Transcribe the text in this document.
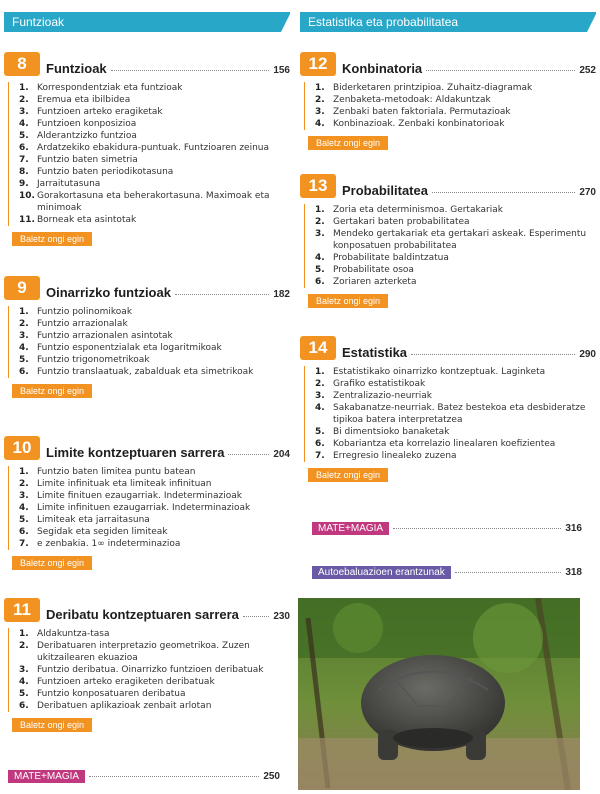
Funtzioak
8	Funtzioak	156
1. Korrespondentziak eta funtzioak
2. Eremua eta ibilbidea
3. Funtzioen arteko eragiketak
4. Funtzioen konposizioa
5. Alderantzizko funtzioa
6. Ardatzekiko ebakidura-puntuak. Funtzioaren zeinua
7. Funtzio baten simetria
8. Funtzio baten periodikotasuna
9. Jarraitutasuna
10. Gorakortasuna eta beherakortasuna. Maximoak eta minimoak
11. Borneak eta asintotak
Baletz ongi egin
9	Oinarrizko funtzioak	182
1. Funtzio polinomikoak
2. Funtzio arrazionalak
3. Funtzio arrazionalen asintotak
4. Funtzio esponentzialak eta logaritmikoak
5. Funtzio trigonometrikoak
6. Funtzio translaatuak, zabalduak eta simetrikoak
Baletz ongi egin
10	Limite kontzeptuaren sarrera	204
1. Funtzio baten limitea puntu batean
2. Limite infinituak eta limiteak infinituan
3. Limite finituen ezaugarriak. Indeterminazioak
4. Limite infinituen ezaugarriak. Indeterminazioak
5. Limiteak eta jarraitasuna
6. Segidak eta segiden limiteak
7. e zenbakia. 1∞ indeterminazioa
Baletz ongi egin
11	Deribatu kontzeptuaren sarrera	230
1. Aldakuntza-tasa
2. Deribatuaren interpretazio geometrikoa. Zuzen ukitzailearen ekuazioa
3. Funtzio deribatua. Oinarrizko funtzioen deribatuak
4. Funtzioen arteko eragiketen deribatuak
5. Funtzio konposatuaren deribatua
6. Deribatuen aplikazioak zenbait arlotan
Baletz ongi egin
MATE+MAGIA	250
Estatistika eta probabilitatea
12	Konbinatoria	252
1. Biderketaren printzipioa. Zuhaitz-diagramak
2. Zenbaketa-metodoak: Aldakuntzak
3. Zenbaki baten faktoriala. Permutazioak
4. Konbinazioak. Zenbaki konbinatorioak
Baletz ongi egin
13	Probabilitatea	270
1. Zoria eta determinismoa. Gertakariak
2. Gertakari baten probabilitatea
3. Mendeko gertakariak eta gertakari askeak. Esperimentu konposatuen probabilitatea
4. Probabilitate baldintzatua
5. Probabilitate osoa
6. Zoriaren azterketa
Baletz ongi egin
14	Estatistika	290
1. Estatistikako oinarrizko kontzeptuak. Laginketa
2. Grafiko estatistikoak
3. Zentralizazio-neurriak
4. Sakabanatze-neurriak. Batez bestekoa eta desbideratze tipikoa batera interpretatzea
5. Bi dimentsioko banaketak
6. Kobariantza eta korrelazio linealaren koefizientea
7. Erregresio linealeko zuzena
Baletz ongi egin
MATE+MAGIA	316
Autoebaluazioen erantzunak	318
